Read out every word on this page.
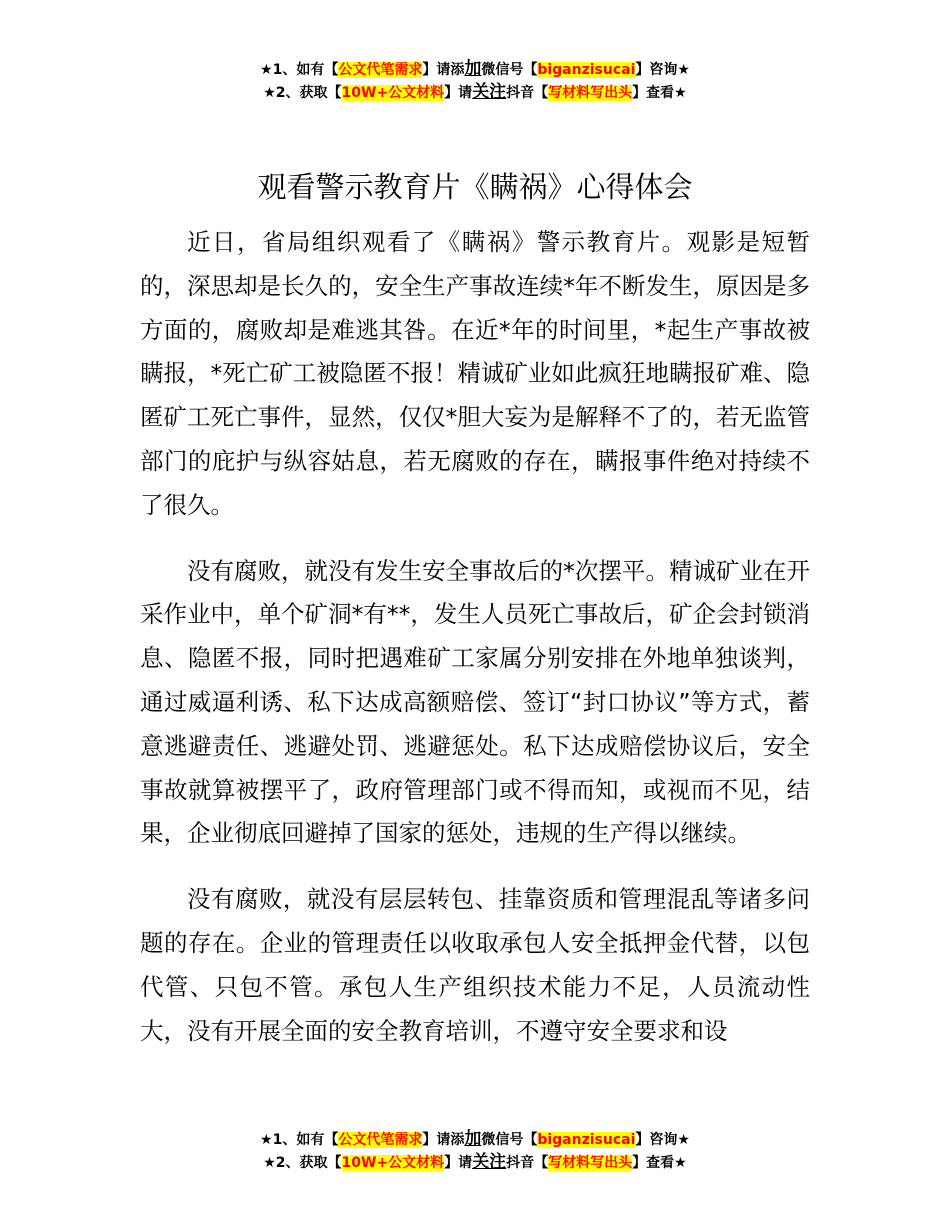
★1、如有【公文代笔需求】请添加微信号【biganzisucai】咨询★
★2、获取【10W+公文材料】请关注抖音【写材料写出头】查看★
观看警示教育片《瞒祸》心得体会

近日，省局组织观看了《瞒祸》警示教育片。观影是短暂的，深思却是长久的，安全生产事故连续*年不断发生，原因是多方面的，腐败却是难逃其咎。在近*年的时间里，*起生产事故被瞒报，*死亡矿工被隐匿不报！精诚矿业如此疯狂地瞒报矿难、隐匿矿工死亡事件，显然，仅仅*胆大妄为是解释不了的，若无监管部门的庇护与纵容姑息，若无腐败的存在，瞒报事件绝对持续不了很久。

没有腐败，就没有发生安全事故后的*次摆平。精诚矿业在开采作业中，单个矿洞*有**，发生人员死亡事故后，矿企会封锁消息、隐匿不报，同时把遇难矿工家属分别安排在外地单独谈判，通过威逼利诱、私下达成高额赔偿、签订“封口协议”等方式，蓄意逃避责任、逃避处罚、逃避惩处。私下达成赔偿协议后，安全事故就算被摆平了，政府管理部门或不得而知，或视而不见，结果，企业彻底回避掉了国家的惩处，违规的生产得以继续。

没有腐败，就没有层层转包、挂靠资质和管理混乱等诸多问题的存在。企业的管理责任以收取承包人安全抵押金代替，以包代管、只包不管。承包人生产组织技术能力不足，人员流动性大，没有开展全面的安全教育培训，不遵守安全要求和设

★1、如有【公文代笔需求】请添加微信号【biganzisucai】咨询★
★2、获取【10W+公文材料】请关注抖音【写材料写出头】查看★
